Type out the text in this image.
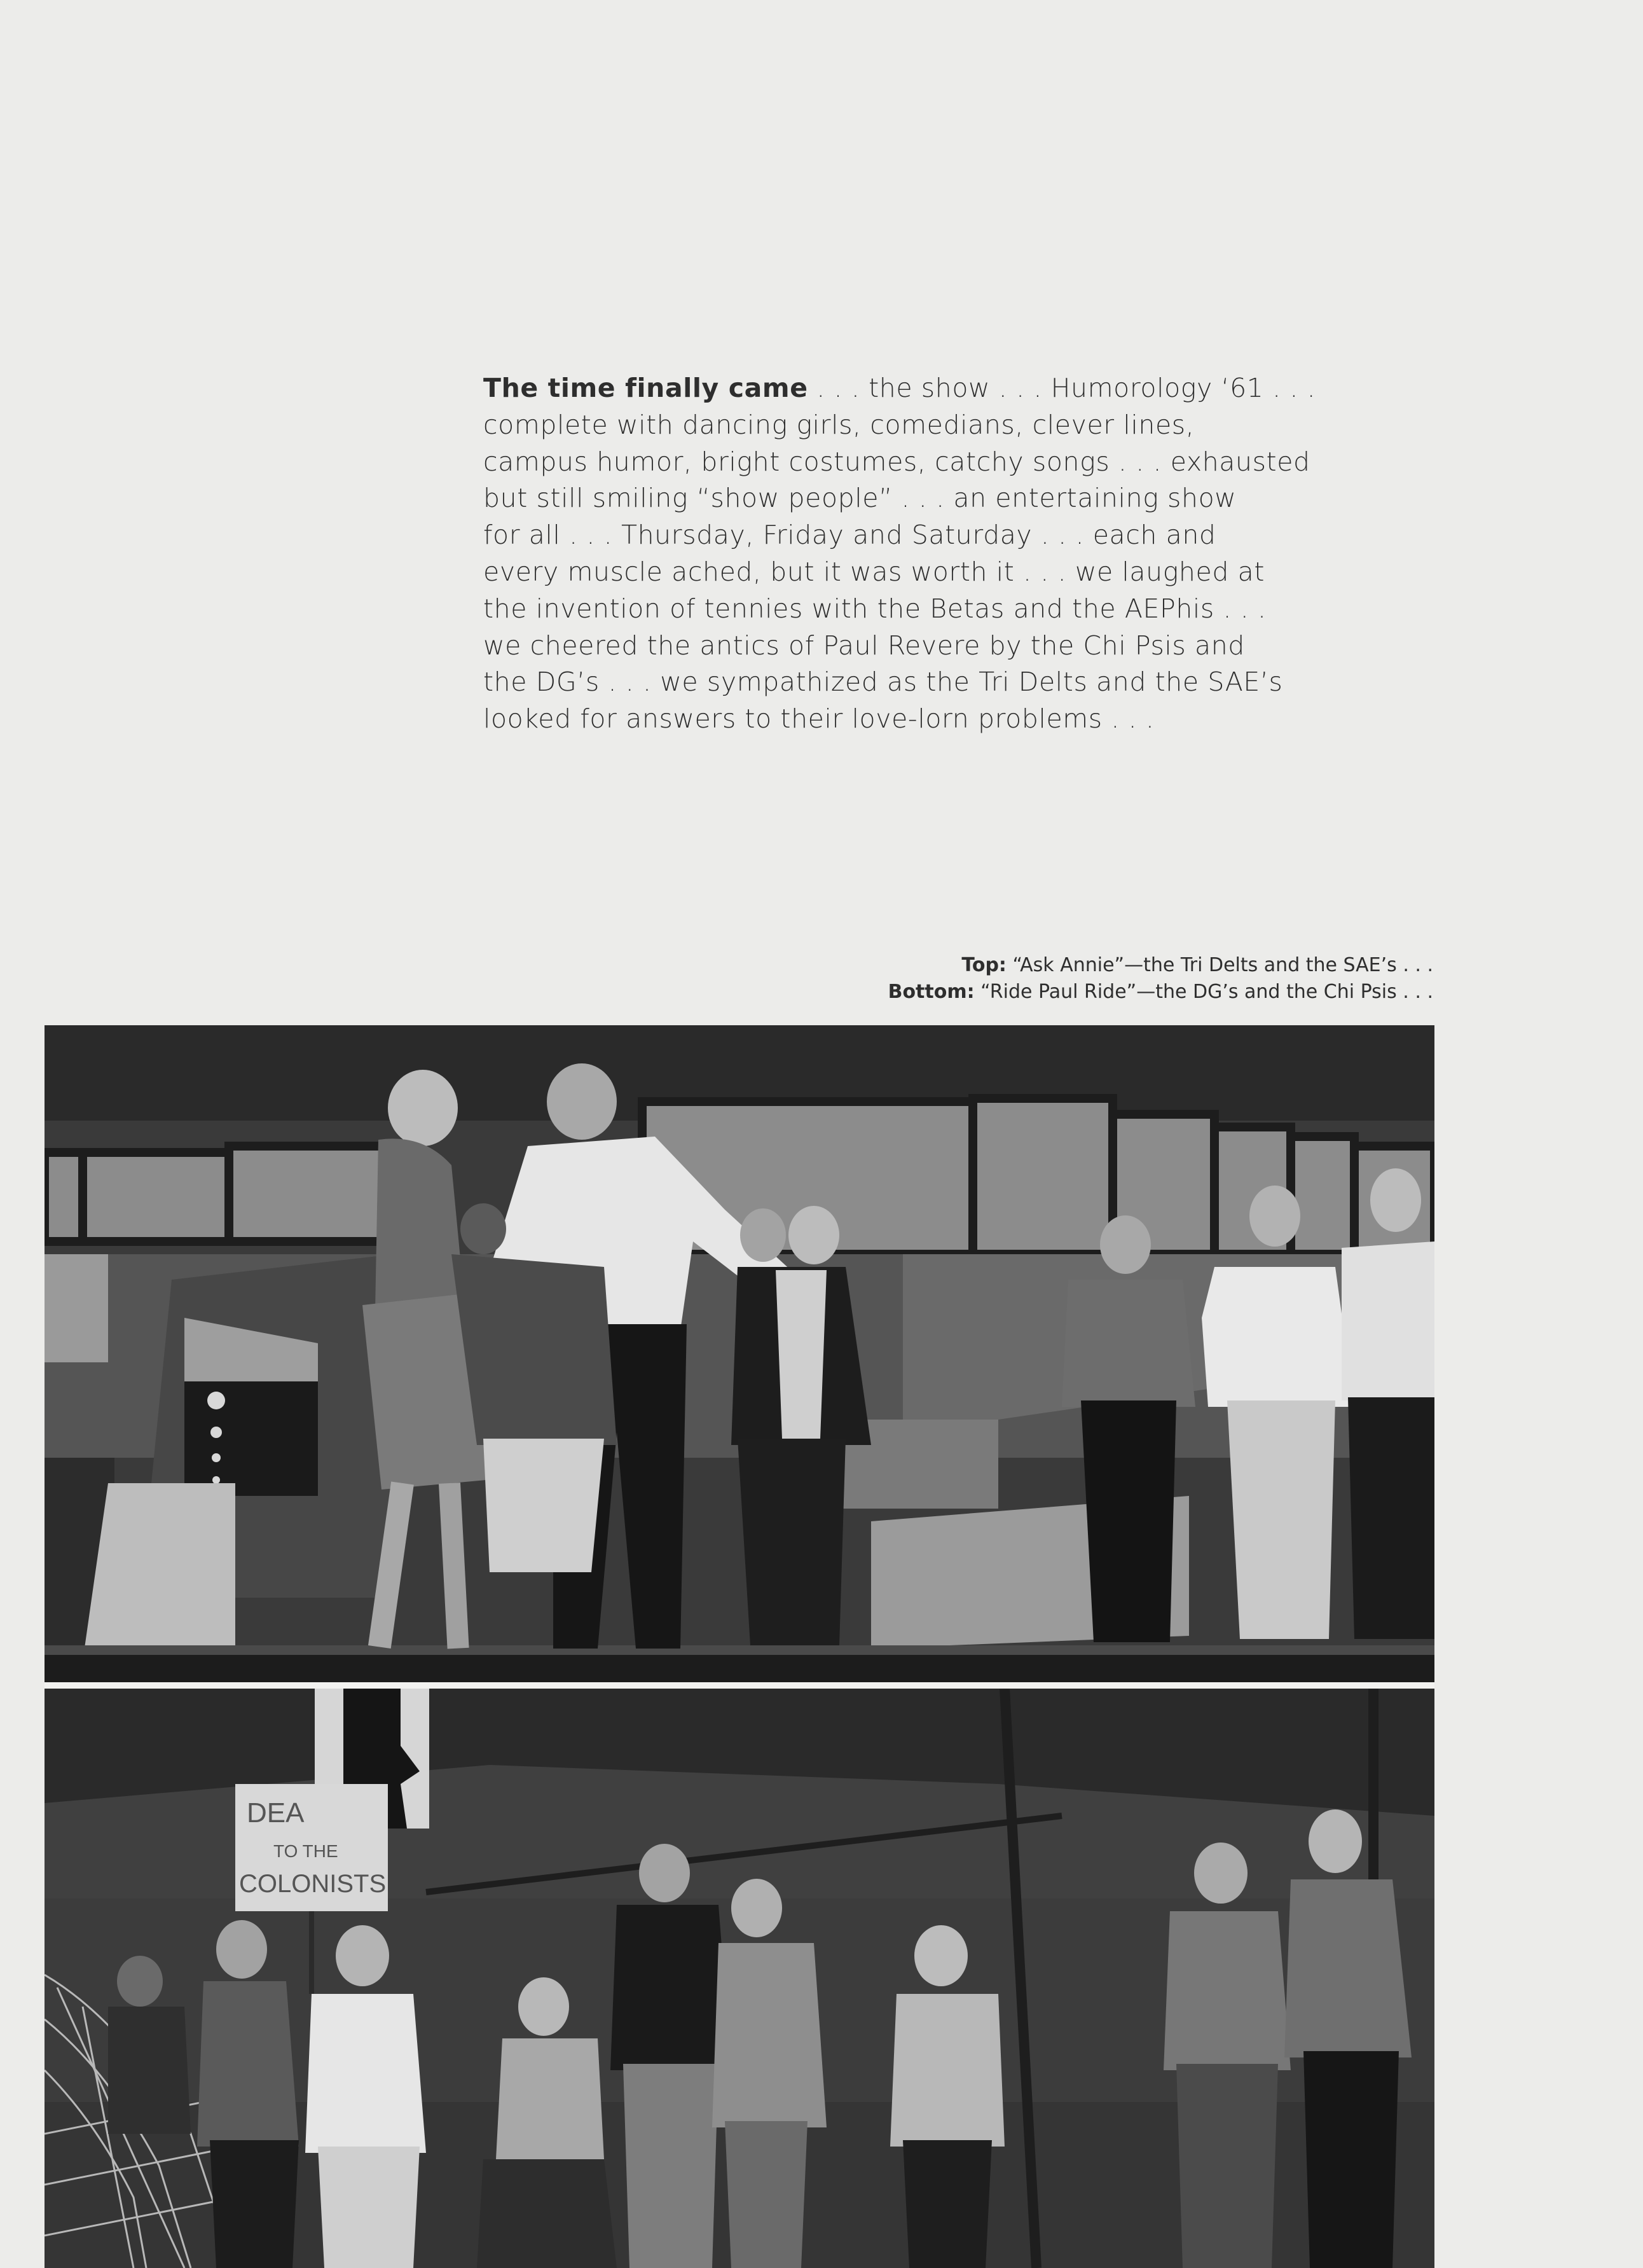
The time finally came . . . the show . . . Humorology ‘61 . . .
complete with dancing girls, comedians, clever lines,
campus humor, bright costumes, catchy songs . . . exhausted
but still smiling “show people” . . . an entertaining show
for all . . . Thursday, Friday and Saturday . . . each and
every muscle ached, but it was worth it . . . we laughed at
the invention of tennies with the Betas and the AEPhis . . .
we cheered the antics of Paul Revere by the Chi Psis and
the DG’s . . . we sympathized as the Tri Delts and the SAE’s
looked for answers to their love-lorn problems . . .
Top: “Ask Annie”—the Tri Delts and the SAE’s . . .
Bottom: “Ride Paul Ride”—the DG’s and the Chi Psis . . .
DEA
TO THE
COLONISTS
